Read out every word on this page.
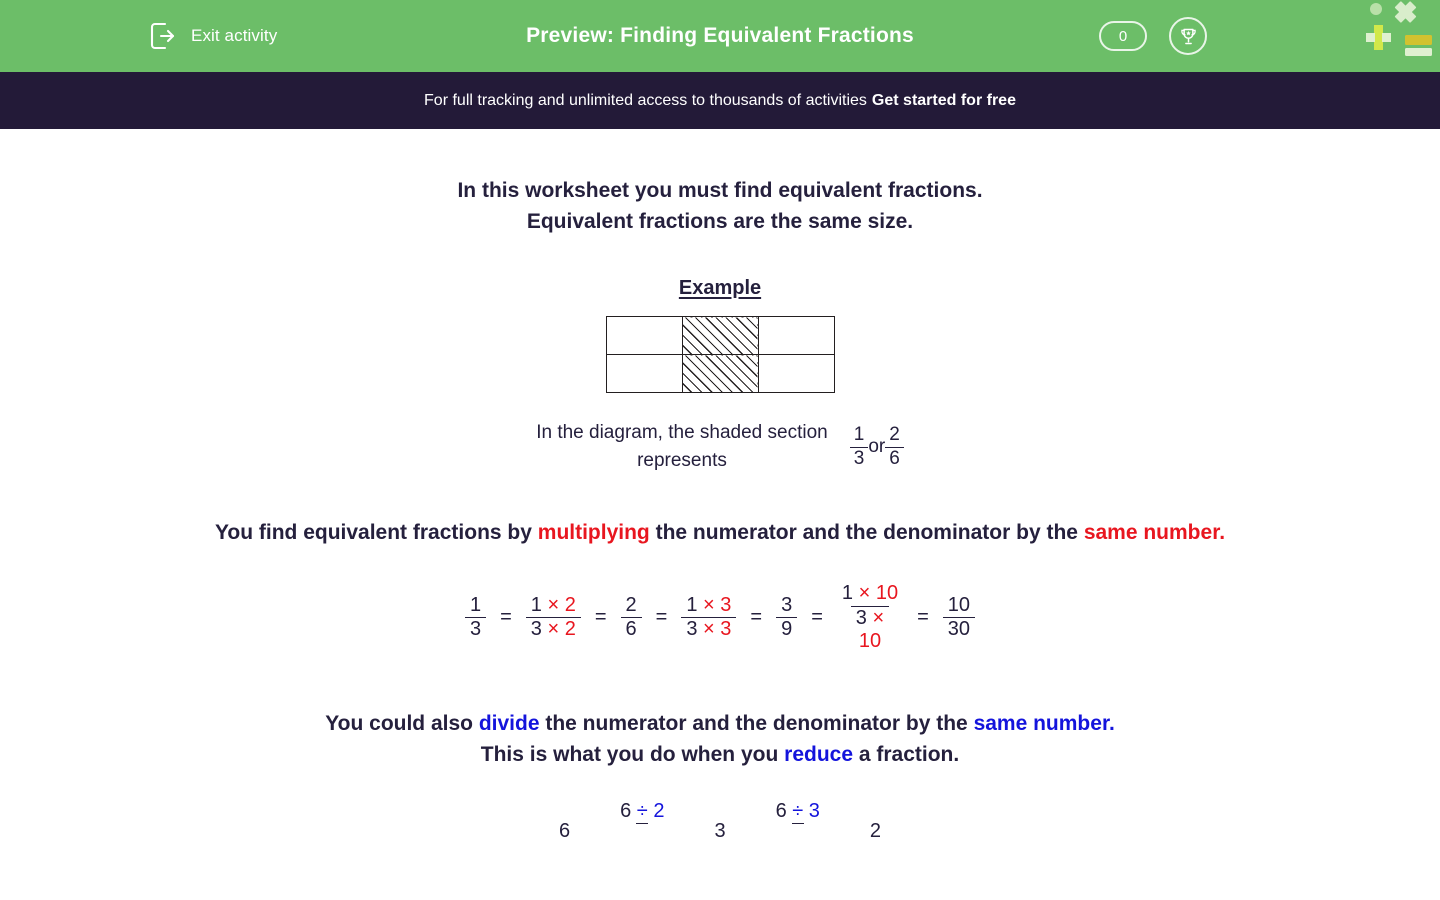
Exit activity	Preview: Finding Equivalent Fractions	0
For full tracking and unlimited access to thousands of activities Get started for free
In this worksheet you must find equivalent fractions.
Equivalent fractions are the same size.
Example

In the diagram, the shaded section
represents	$\frac{1}{3}$ or $\frac{2}{6}$
You find equivalent fractions by multiplying the numerator and the denominator by the same number.
$\frac{1}{3} = \frac{1 \times 2}{3 \times 2} = \frac{2}{6} = \frac{1 \times 3}{3 \times 3} = \frac{3}{9} = 1 \times 10$
3 ×
$10 = \frac{10}{30}$
You could also divide the numerator and the denominator by the same number.
This is what you do when you reduce a fraction.
6
6 ÷ 2
3
6 ÷ 3
2
